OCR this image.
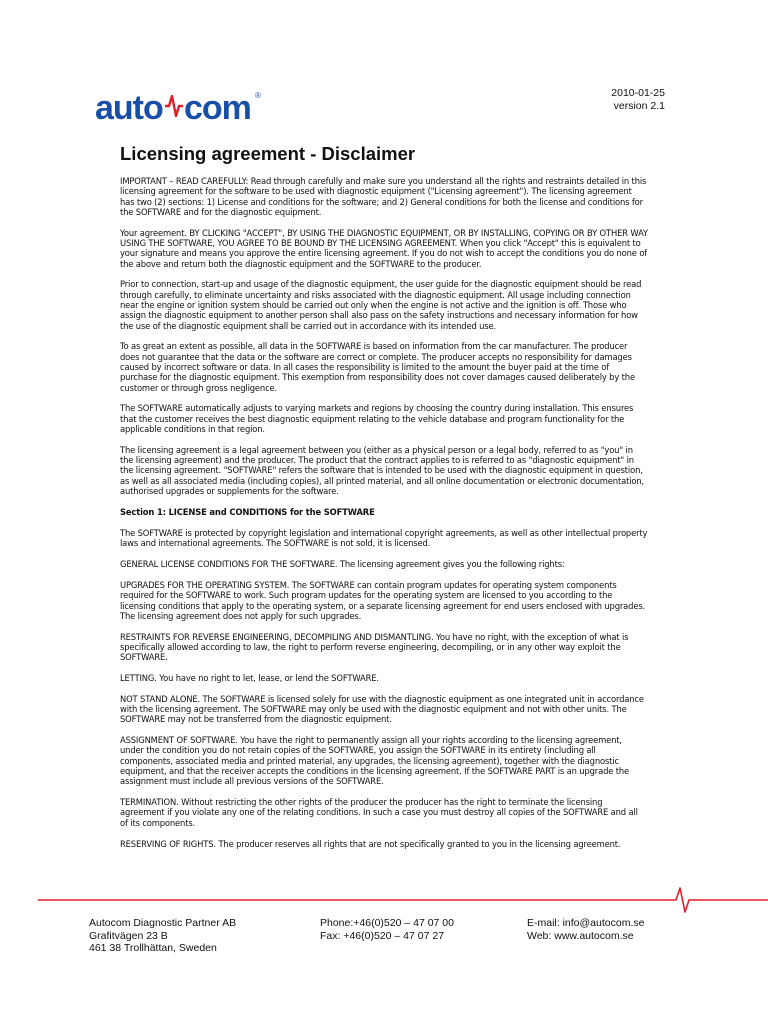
auto com ®	2010-01-25
version 2.1
Licensing agreement - Disclaimer

IMPORTANT – READ CAREFULLY: Read through carefully and make sure you understand all the rights and restraints detailed in this licensing agreement for the software to be used with diagnostic equipment ("Licensing agreement"). The licensing agreement has two (2) sections: 1) License and conditions for the software; and 2) General conditions for both the license and conditions for the SOFTWARE and for the diagnostic equipment.

Your agreement. BY CLICKING "ACCEPT", BY USING THE DIAGNOSTIC EQUIPMENT, OR BY INSTALLING, COPYING OR BY OTHER WAY USING THE SOFTWARE, YOU AGREE TO BE BOUND BY THE LICENSING AGREEMENT. When you click "Accept" this is equivalent to your signature and means you approve the entire licensing agreement. If you do not wish to accept the conditions you do none of the above and return both the diagnostic equipment and the SOFTWARE to the producer.

Prior to connection, start-up and usage of the diagnostic equipment, the user guide for the diagnostic equipment should be read through carefully, to eliminate uncertainty and risks associated with the diagnostic equipment. All usage including connection near the engine or ignition system should be carried out only when the engine is not active and the ignition is off. Those who assign the diagnostic equipment to another person shall also pass on the safety instructions and necessary information for how the use of the diagnostic equipment shall be carried out in accordance with its intended use.

To as great an extent as possible, all data in the SOFTWARE is based on information from the car manufacturer. The producer does not guarantee that the data or the software are correct or complete. The producer accepts no responsibility for damages caused by incorrect software or data. In all cases the responsibility is limited to the amount the buyer paid at the time of purchase for the diagnostic equipment. This exemption from responsibility does not cover damages caused deliberately by the customer or through gross negligence.

The SOFTWARE automatically adjusts to varying markets and regions by choosing the country during installation. This ensures that the customer receives the best diagnostic equipment relating to the vehicle database and program functionality for the applicable conditions in that region.

The licensing agreement is a legal agreement between you (either as a physical person or a legal body, referred to as "you" in the licensing agreement) and the producer. The product that the contract applies to is referred to as "diagnostic equipment" in the licensing agreement. "SOFTWARE" refers the software that is intended to be used with the diagnostic equipment in question, as well as all associated media (including copies), all printed material, and all online documentation or electronic documentation, authorised upgrades or supplements for the software.

Section 1: LICENSE and CONDITIONS for the SOFTWARE

The SOFTWARE is protected by copyright legislation and international copyright agreements, as well as other intellectual property laws and international agreements. The SOFTWARE is not sold, it is licensed.

GENERAL LICENSE CONDITIONS FOR THE SOFTWARE. The licensing agreement gives you the following rights:

UPGRADES FOR THE OPERATING SYSTEM. The SOFTWARE can contain program updates for operating system components required for the SOFTWARE to work. Such program updates for the operating system are licensed to you according to the licensing conditions that apply to the operating system, or a separate licensing agreement for end users enclosed with upgrades. The licensing agreement does not apply for such upgrades.

RESTRAINTS FOR REVERSE ENGINEERING, DECOMPILING AND DISMANTLING. You have no right, with the exception of what is specifically allowed according to law, the right to perform reverse engineering, decompiling, or in any other way exploit the SOFTWARE.

LETTING. You have no right to let, lease, or lend the SOFTWARE.

NOT STAND ALONE. The SOFTWARE is licensed solely for use with the diagnostic equipment as one integrated unit in accordance with the licensing agreement. The SOFTWARE may only be used with the diagnostic equipment and not with other units. The SOFTWARE may not be transferred from the diagnostic equipment.

ASSIGNMENT OF SOFTWARE. You have the right to permanently assign all your rights according to the licensing agreement, under the condition you do not retain copies of the SOFTWARE, you assign the SOFTWARE in its entirety (including all components, associated media and printed material, any upgrades, the licensing agreement), together with the diagnostic equipment, and that the receiver accepts the conditions in the licensing agreement. If the SOFTWARE PART is an upgrade the assignment must include all previous versions of the SOFTWARE.

TERMINATION. Without restricting the other rights of the producer the producer has the right to terminate the licensing agreement if you violate any one of the relating conditions. In such a case you must destroy all copies of the SOFTWARE and all of its components.

RESERVING OF RIGHTS. The producer reserves all rights that are not specifically granted to you in the licensing agreement.

Autocom Diagnostic Partner AB
Grafitvägen 23 B
461 38 Trollhättan, Sweden
Phone:+46(0)520 – 47 07 00
Fax: +46(0)520 – 47 07 27
E-mail: info@autocom.se
Web: www.autocom.se
